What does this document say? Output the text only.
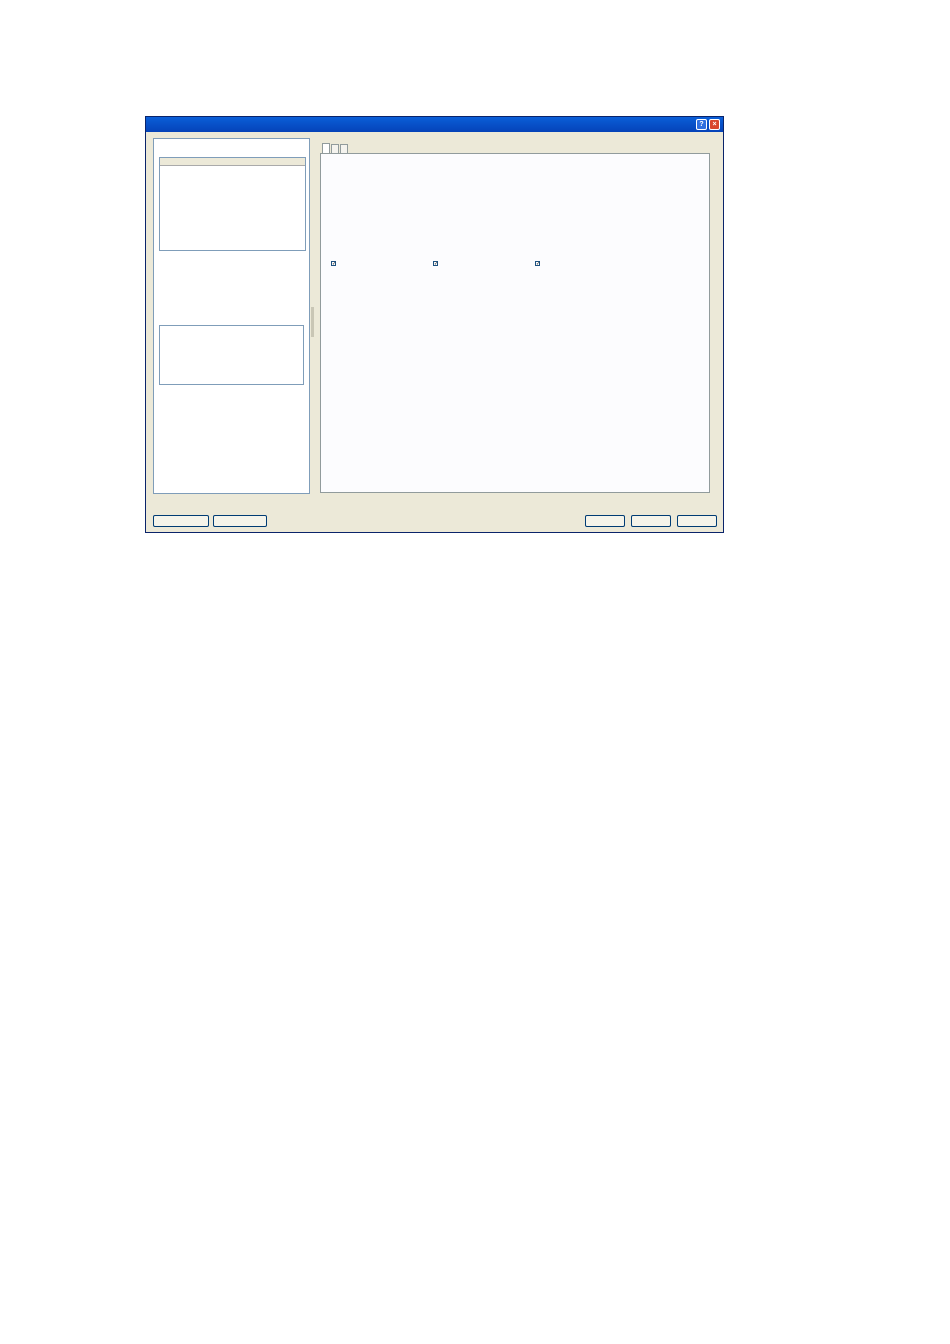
?	×
✓	✓	✓
